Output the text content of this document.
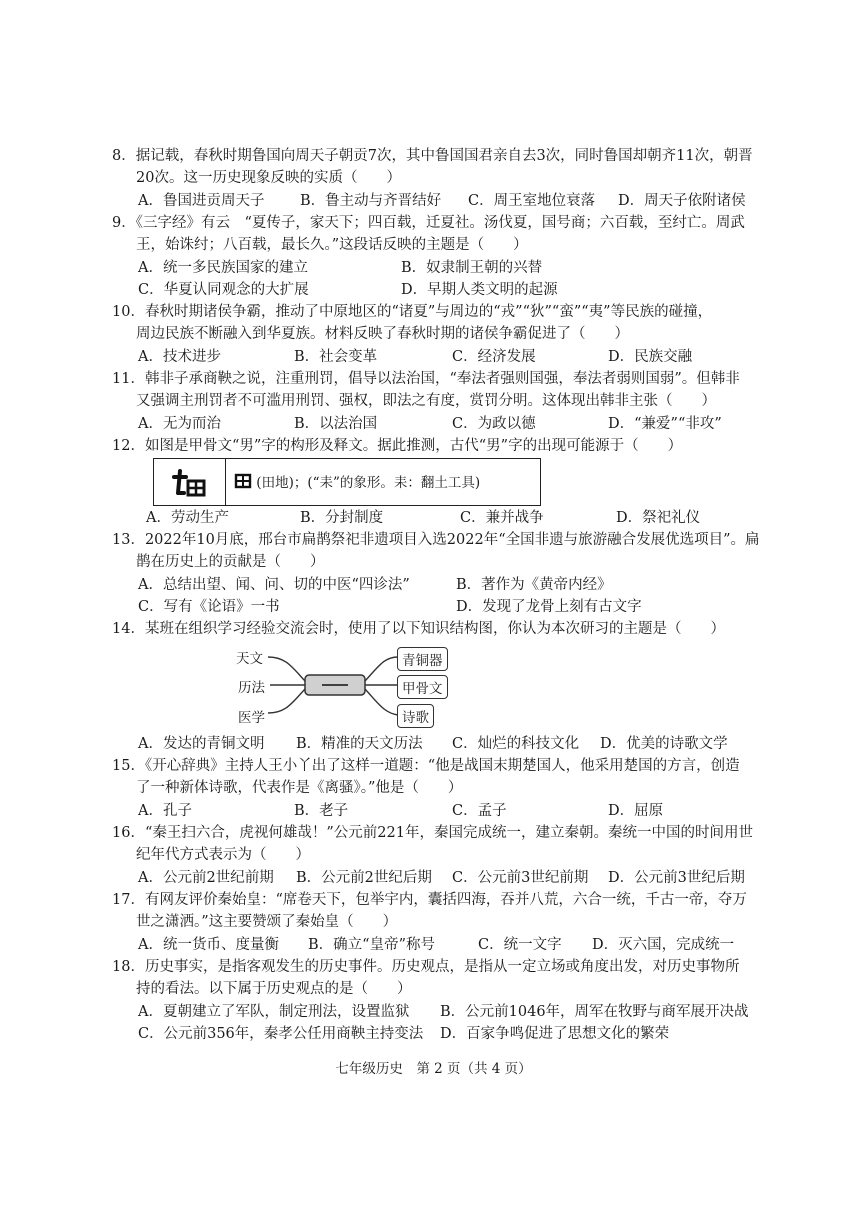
8．据记载，春秋时期鲁国向周天子朝贡7次，其中鲁国国君亲自去3次，同时鲁国却朝齐11次，朝晋
20次。这一历史现象反映的实质（　　）
A．鲁国进贡周天子 B．鲁主动与齐晋结好 C．周王室地位衰落 D．周天子依附诸侯
9．《三字经》有云　“夏传子，家天下；四百载，迁夏社。汤伐夏，国号商；六百载，至纣亡。周武
王，始诛纣；八百载，最长久。”这段话反映的主题是（　　）
A．统一多民族国家的建立	B．奴隶制王朝的兴替
C．华夏认同观念的大扩展	D．早期人类文明的起源
10．春秋时期诸侯争霸，推动了中原地区的“诸夏”与周边的“戎”“狄”“蛮”“夷”等民族的碰撞，
周边民族不断融入到华夏族。材料反映了春秋时期的诸侯争霸促进了（　　）
A．技术进步	B．社会变革	C．经济发展	D．民族交融
11．韩非子承商鞅之说，注重刑罚，倡导以法治国，“奉法者强则国强，奉法者弱则国弱”。但韩非
又强调主刑罚者不可滥用刑罚、强权，即法之有度，赏罚分明。这体现出韩非主张（　　）
A．无为而治	B．以法治国	C．为政以德	D．“兼爱”“非攻”
12．如图是甲骨文“男”字的构形及释文。据此推测，古代“男”字的出现可能源于（　　）
(田地)；(“耒”的象形。耒：翻土工具)
A．劳动生产	B．分封制度	C．兼并战争	D．祭祀礼仪
13．2022年10月底，邢台市扁鹊祭祀非遗项目入选2022年“全国非遗与旅游融合发展优选项目”。扁
鹊在历史上的贡献是（　　）
A．总结出望、闻、问、切的中医“四诊法”	B．著作为《黄帝内经》
C．写有《论语》一书	D．发现了龙骨上刻有古文字
14．某班在组织学习经验交流会时，使用了以下知识结构图，你认为本次研习的主题是（　　）
天文
历法
医学
青铜器
甲骨文
诗歌
A．发达的青铜文明 B．精准的天文历法 C．灿烂的科技文化 D．优美的诗歌文学
15．《开心辞典》主持人王小丫出了这样一道题：“他是战国末期楚国人，他采用楚国的方言，创造
了一种新体诗歌，代表作是《离骚》。”他是（　　）
A．孔子	B．老子	C．孟子	D．屈原
16．“秦王扫六合，虎视何雄哉！”公元前221年，秦国完成统一，建立秦朝。秦统一中国的时间用世
纪年代方式表示为（　　）
A．公元前2世纪前期 B．公元前2世纪后期 C．公元前3世纪前期 D．公元前3世纪后期
17．有网友评价秦始皇：“席卷天下，包举宇内，囊括四海，吞并八荒，六合一统，千古一帝，夺万
世之潇洒。”这主要赞颂了秦始皇（　　）
A．统一货币、度量衡 B．确立“皇帝”称号	C．统一文字 D．灭六国，完成统一
18．历史事实，是指客观发生的历史事件。历史观点，是指从一定立场或角度出发，对历史事物所
持的看法。以下属于历史观点的是（　　）
A．夏朝建立了军队，制定刑法，设置监狱 B．公元前1046年，周军在牧野与商军展开决战
C．公元前356年，秦孝公任用商鞅主持变法 D．百家争鸣促进了思想文化的繁荣
七年级历史　第 2 页（共 4 页）
